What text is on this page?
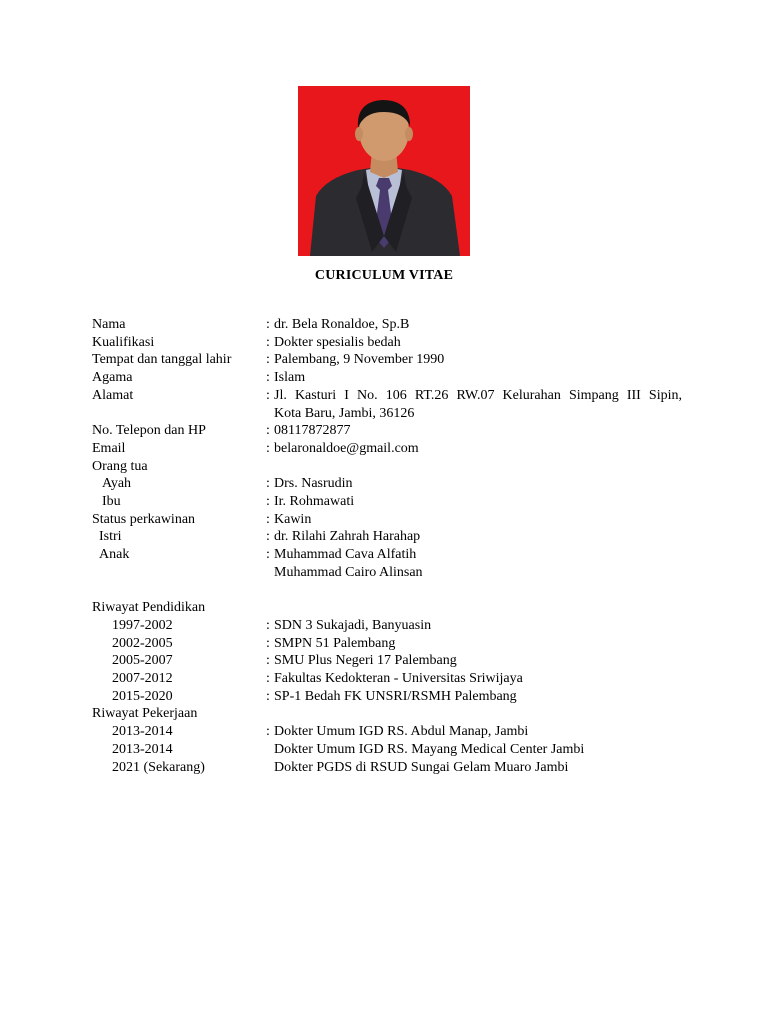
CURICULUM VITAE
Nama	: dr. Bela Ronaldoe, Sp.B
Kualifikasi	: Dokter spesialis bedah
Tempat dan tanggal lahir	: Palembang, 9 November 1990
Agama	: Islam
Alamat	: Jl. Kasturi I No. 106 RT.26 RW.07 Kelurahan Simpang III Sipin,
Kota Baru, Jambi, 36126
No. Telepon dan HP	: 08117872877
Email	: belaronaldoe@gmail.com
Orang tua
Ayah	: Drs. Nasrudin
Ibu	: Ir. Rohmawati
Status perkawinan	: Kawin
Istri	: dr. Rilahi Zahrah Harahap
Anak	: Muhammad Cava Alfatih
Muhammad Cairo Alinsan
Riwayat Pendidikan
1997-2002	: SDN 3 Sukajadi, Banyuasin
2002-2005	: SMPN 51 Palembang
2005-2007	: SMU Plus Negeri 17 Palembang
2007-2012	: Fakultas Kedokteran - Universitas Sriwijaya
2015-2020	: SP-1 Bedah FK UNSRI/RSMH Palembang
Riwayat Pekerjaan
2013-2014	: Dokter Umum IGD RS. Abdul Manap, Jambi
2013-2014	Dokter Umum IGD RS. Mayang Medical Center Jambi
2021 (Sekarang)	Dokter PGDS di RSUD Sungai Gelam Muaro Jambi
